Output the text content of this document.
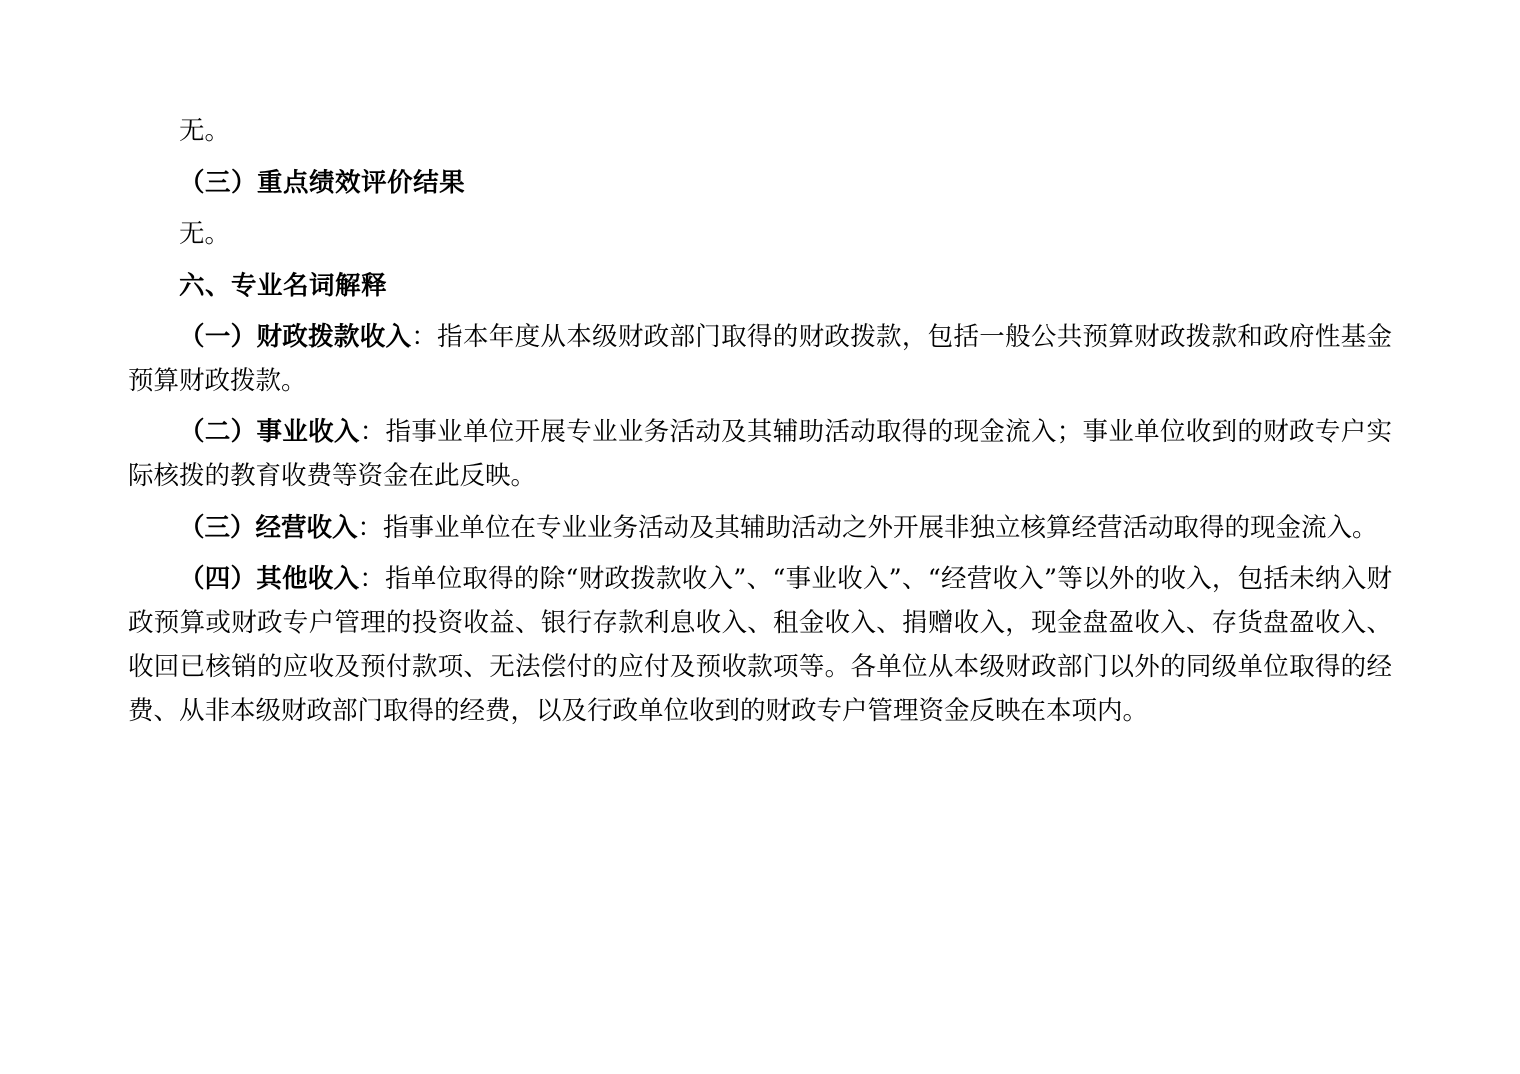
无。

（三）重点绩效评价结果

无。

六、专业名词解释

（一）财政拨款收入：指本年度从本级财政部门取得的财政拨款，包括一般公共预算财政拨款和政府性基金预算财政拨款。

（二）事业收入：指事业单位开展专业业务活动及其辅助活动取得的现金流入；事业单位收到的财政专户实际核拨的教育收费等资金在此反映。

（三）经营收入：指事业单位在专业业务活动及其辅助活动之外开展非独立核算经营活动取得的现金流入。

（四）其他收入：指单位取得的除“财政拨款收入”、“事业收入”、“经营收入”等以外的收入，包括未纳入财政预算或财政专户管理的投资收益、银行存款利息收入、租金收入、捐赠收入，现金盘盈收入、存货盘盈收入、收回已核销的应收及预付款项、无法偿付的应付及预收款项等。各单位从本级财政部门以外的同级单位取得的经费、从非本级财政部门取得的经费，以及行政单位收到的财政专户管理资金反映在本项内。
